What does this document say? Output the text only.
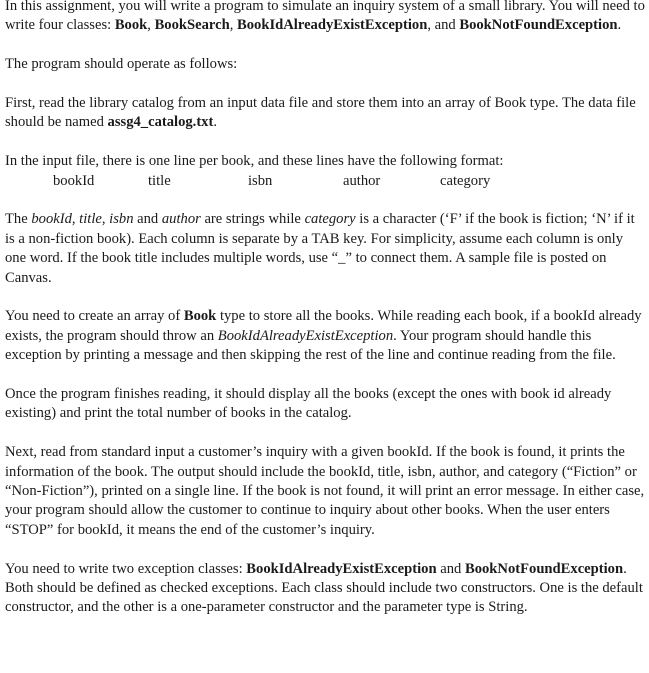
In this assignment, you will write a program to simulate an inquiry system of a small library. You will need to write four classes: Book, BookSearch, BookIdAlreadyExistException, and BookNotFoundException.

The program should operate as follows:

First, read the library catalog from an input data file and store them into an array of Book type. The data file should be named assg4_catalog.txt.

In the input file, there is one line per book, and these lines have the following format:

bookId	title	isbn	author	category

The bookId, title, isbn and author are strings while category is a character (‘F’ if the book is fiction; ‘N’ if it is a non-fiction book). Each column is separate by a TAB key. For simplicity, assume each column is only one word. If the book title includes multiple words, use “_” to connect them. A sample file is posted on Canvas.

You need to create an array of Book type to store all the books. While reading each book, if a bookId already exists, the program should throw an BookIdAlreadyExistException. Your program should handle this exception by printing a message and then skipping the rest of the line and continue reading from the file.

Once the program finishes reading, it should display all the books (except the ones with book id already existing) and print the total number of books in the catalog.

Next, read from standard input a customer’s inquiry with a given bookId. If the book is found, it prints the information of the book. The output should include the bookId, title, isbn, author, and category (“Fiction” or “Non-Fiction”), printed on a single line. If the book is not found, it will print an error message. In either case, your program should allow the customer to continue to inquiry about other books. When the user enters “STOP” for bookId, it means the end of the customer’s inquiry.

You need to write two exception classes: BookIdAlreadyExistException and BookNotFoundException. Both should be defined as checked exceptions. Each class should include two constructors. One is the default constructor, and the other is a one-parameter constructor and the parameter type is String.
